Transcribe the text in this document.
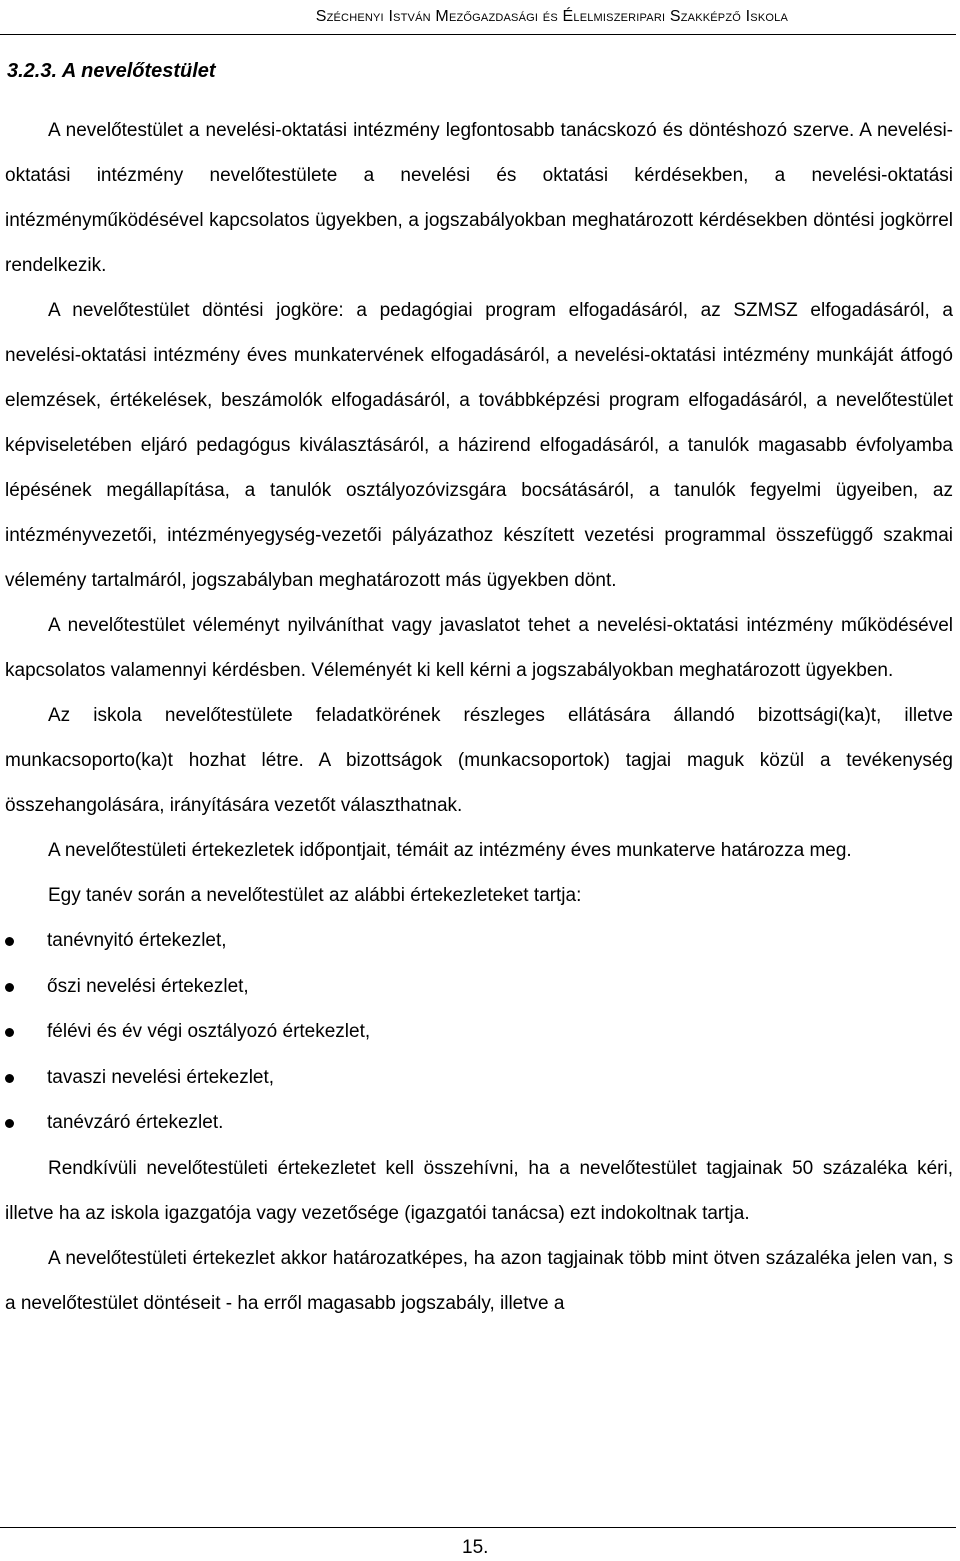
Széchenyi István Mezőgazdasági és Élelmiszeripari Szakképző Iskola
3.2.3. A nevelőtestület

A nevelőtestület a nevelési-oktatási intézmény legfontosabb tanácskozó és döntéshozó szerve. A nevelési-oktatási intézmény nevelőtestülete a nevelési és oktatási kérdésekben, a nevelési-oktatási intézményműködésével kapcsolatos ügyekben, a jogszabályokban meghatározott kérdésekben döntési jogkörrel rendelkezik.

A nevelőtestület döntési jogköre: a pedagógiai program elfogadásáról, az SZMSZ elfogadásáról, a nevelési-oktatási intézmény éves munkatervének elfogadásáról, a nevelési-oktatási intézmény munkáját átfogó elemzések, értékelések, beszámolók elfogadásáról, a továbbképzési program elfogadásáról, a nevelőtestület képviseletében eljáró pedagógus kiválasztásáról, a házirend elfogadásáról, a tanulók magasabb évfolyamba lépésének megállapítása, a tanulók osztályozóvizsgára bocsátásáról, a tanulók fegyelmi ügyeiben, az intézményvezetői, intézményegység-vezetői pályázathoz készített vezetési programmal összefüggő szakmai vélemény tartalmáról, jogszabályban meghatározott más ügyekben dönt.

A nevelőtestület véleményt nyilváníthat vagy javaslatot tehet a nevelési-oktatási intézmény működésével kapcsolatos valamennyi kérdésben. Véleményét ki kell kérni a jogszabályokban meghatározott ügyekben.

Az iskola nevelőtestülete feladatkörének részleges ellátására állandó bizottsági(ka)t, illetve munkacsoporto(ka)t hozhat létre. A bizottságok (munkacsoportok) tagjai maguk közül a tevékenység összehangolására, irányítására vezetőt választhatnak.

A nevelőtestületi értekezletek időpontjait, témáit az intézmény éves munkaterve határozza meg.

Egy tanév során a nevelőtestület az alábbi értekezleteket tartja:

tanévnyitó értekezlet,

őszi nevelési értekezlet,

félévi és év végi osztályozó értekezlet,

tavaszi nevelési értekezlet,

tanévzáró értekezlet.

Rendkívüli nevelőtestületi értekezletet kell összehívni, ha a nevelőtestület tagjainak 50 százaléka kéri, illetve ha az iskola igazgatója vagy vezetősége (igazgatói tanácsa) ezt indokoltnak tartja.

A nevelőtestületi értekezlet akkor határozatképes, ha azon tagjainak több mint ötven százaléka jelen van, s a nevelőtestület döntéseit - ha erről magasabb jogszabály, illetve a

15.
